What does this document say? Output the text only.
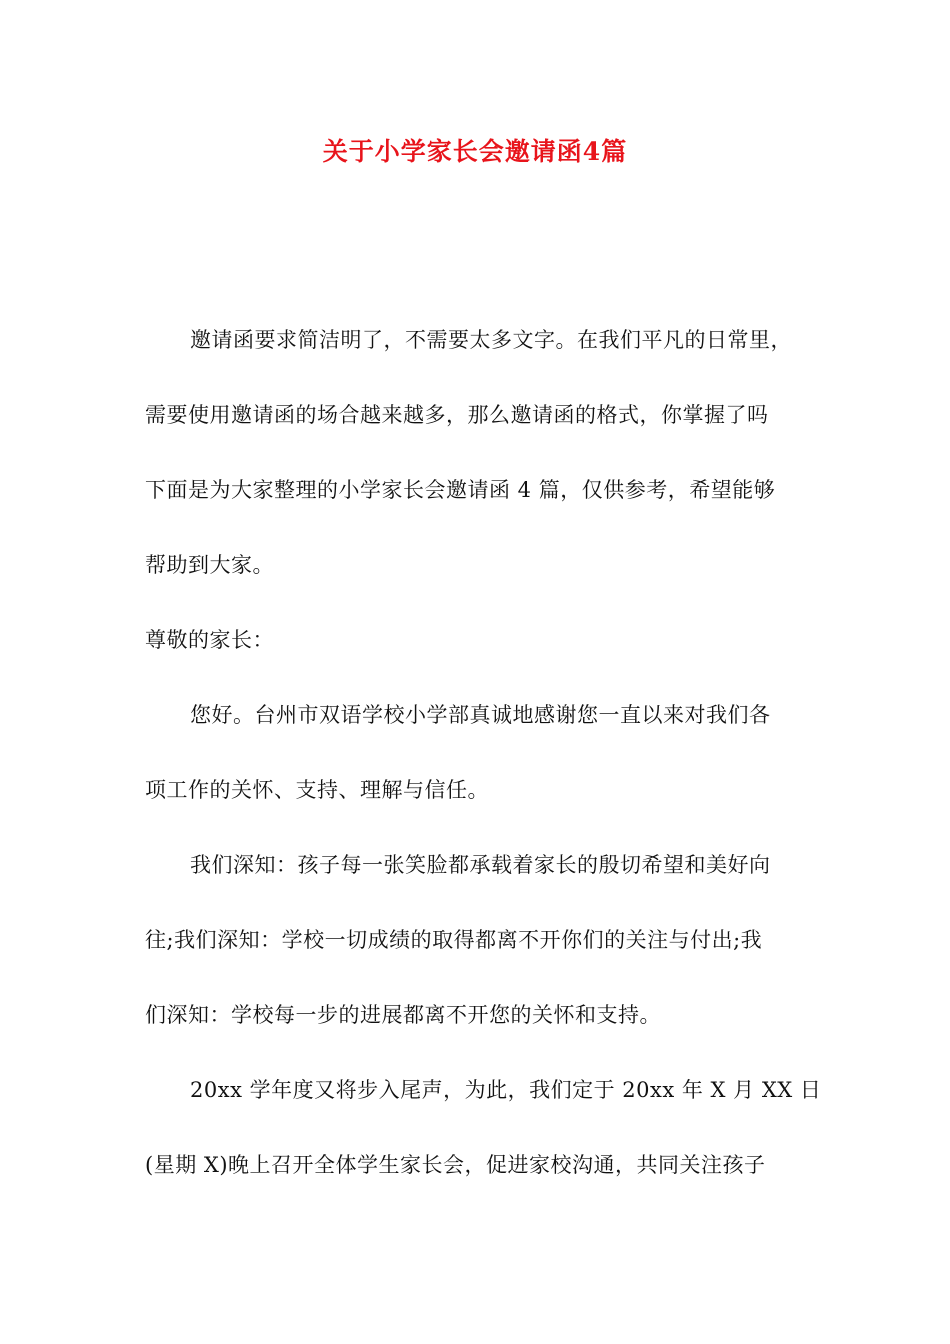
关于小学家长会邀请函4篇
邀请函要求简洁明了，不需要太多文字。在我们平凡的日常里，
需要使用邀请函的场合越来越多，那么邀请函的格式，你掌握了吗
下面是为大家整理的小学家长会邀请函 4 篇，仅供参考，希望能够
帮助到大家。
尊敬的家长：
您好。台州市双语学校小学部真诚地感谢您一直以来对我们各
项工作的关怀、支持、理解与信任。
我们深知：孩子每一张笑脸都承载着家长的殷切希望和美好向
往;我们深知：学校一切成绩的取得都离不开你们的关注与付出;我
们深知：学校每一步的进展都离不开您的关怀和支持。
20xx 学年度又将步入尾声，为此，我们定于 20xx 年 X 月 XX 日
(星期 X)晚上召开全体学生家长会，促进家校沟通，共同关注孩子
